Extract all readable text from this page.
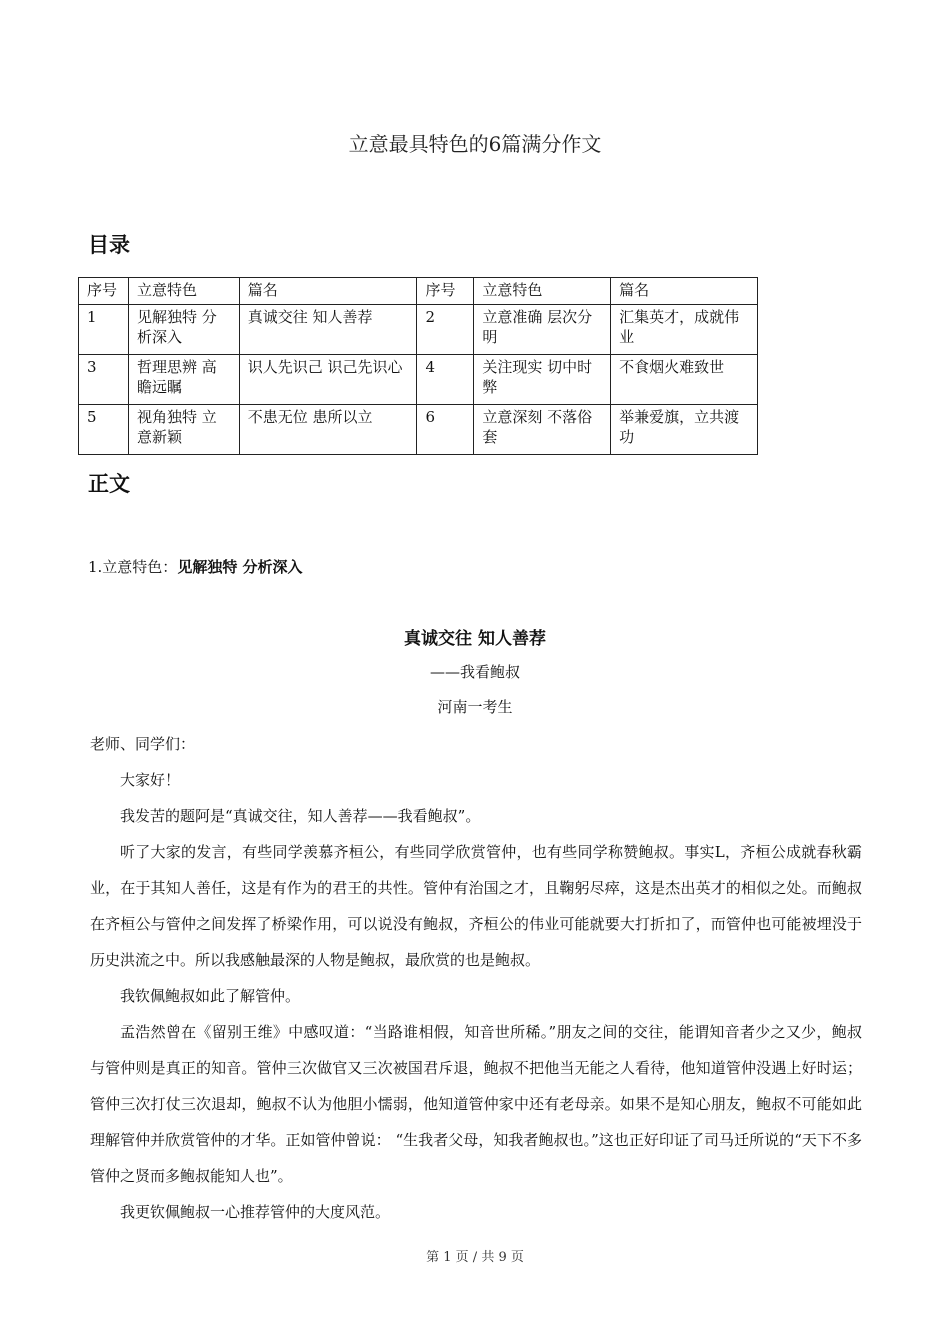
立意最具特色的6篇满分作文
目录
序号	立意特色	篇名	序号	立意特色	篇名
1	见解独特 分析深入	真诚交往 知人善荐	2	立意准确 层次分明	汇集英才，成就伟业
3	哲理思辨 高瞻远瞩	识人先识己 识己先识心	4	关注现实 切中时弊	不食烟火难致世
5	视角独特 立意新颖	不患无位 患所以立	6	立意深刻 不落俗套	举兼爱旗，立共渡功
正文
1.立意特色：见解独特 分析深入
真诚交往 知人善荐
——我看鲍叔
河南一考生

老师、同学们：

大家好！

我发苦的题阿是“真诚交往，知人善荐——我看鲍叔”。

听了大家的发言，有些同学羡慕齐桓公，有些同学欣赏管仲，也有些同学称赞鲍叔。事实L，齐桓公成就春秋霸业，在于其知人善任，这是有作为的君王的共性。管仲有治国之才，且鞠躬尽瘁，这是杰出英才的相似之处。而鲍叔在齐桓公与管仲之间发挥了桥梁作用，可以说没有鲍叔，齐桓公的伟业可能就要大打折扣了，而管仲也可能被埋没于历史洪流之中。所以我感触最深的人物是鲍叔，最欣赏的也是鲍叔。

我钦佩鲍叔如此了解管仲。

孟浩然曾在《留别王维》中感叹道：“当路谁相假，知音世所稀。”朋友之间的交往，能谓知音者少之又少，鲍叔与管仲则是真正的知音。管仲三次做官又三次被国君斥退，鲍叔不把他当无能之人看待，他知道管仲没遇上好时运；管仲三次打仗三次退却，鲍叔不认为他胆小懦弱，他知道管仲家中还有老母亲。如果不是知心朋友，鲍叔不可能如此理解管仲并欣赏管仲的才华。正如管仲曾说： “生我者父母，知我者鲍叔也。”这也正好印证了司马迁所说的“天下不多管仲之贤而多鲍叔能知人也”。

我更钦佩鲍叔一心推荐管仲的大度风范。

第 1 页 / 共 9 页
